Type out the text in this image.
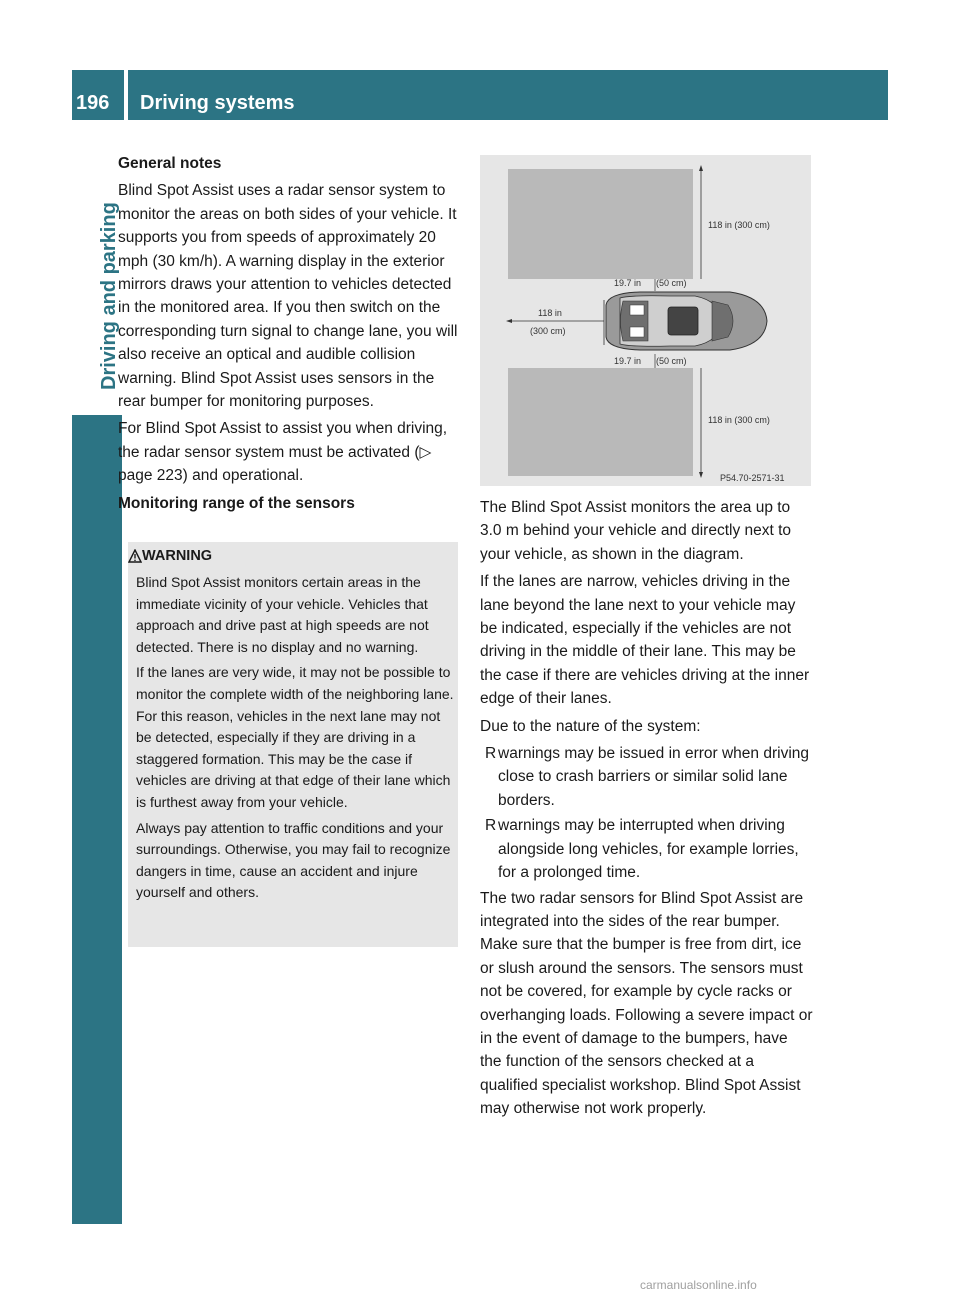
196 Driving systems
Driving and parking

General notes

Blind Spot Assist uses a radar sensor system to monitor the areas on both sides of your vehicle. It supports you from speeds of approximately 20 mph (30 km/h). A warning display in the exterior mirrors draws your attention to vehicles detected in the monitored area. If you then switch on the corresponding turn signal to change lane, you will also receive an optical and audible collision warning. Blind Spot Assist uses sensors in the rear bumper for monitoring purposes.

For Blind Spot Assist to assist you when driving, the radar sensor system must be activated (▷ page 223) and operational.

Monitoring range of the sensors

WARNING

Blind Spot Assist monitors certain areas in the immediate vicinity of your vehicle. Vehicles that approach and drive past at high speeds are not detected. There is no display and no warning.

If the lanes are very wide, it may not be possible to monitor the complete width of the neighboring lane. For this reason, vehicles in the next lane may not be detected, especially if they are driving in a staggered formation. This may be the case if vehicles are driving at that edge of their lane which is furthest away from your vehicle.

Always pay attention to traffic conditions and your surroundings. Otherwise, you may fail to recognize dangers in time, cause an accident and injure yourself and others.

118 in (300 cm)
118 in (300 cm)
19.7 in (50 cm)
19.7 in (50 cm)
118 in
(300 cm)
P54.70-2571-31

The Blind Spot Assist monitors the area up to 3.0 m behind your vehicle and directly next to your vehicle, as shown in the diagram.

If the lanes are narrow, vehicles driving in the lane beyond the lane next to your vehicle may be indicated, especially if the vehicles are not driving in the middle of their lane. This may be the case if there are vehicles driving at the inner edge of their lanes.

Due to the nature of the system:

R warnings may be issued in error when driving close to crash barriers or similar solid lane borders.
R warnings may be interrupted when driving alongside long vehicles, for example lorries, for a prolonged time.

The two radar sensors for Blind Spot Assist are integrated into the sides of the rear bumper. Make sure that the bumper is free from dirt, ice or slush around the sensors. The sensors must not be covered, for example by cycle racks or overhanging loads. Following a severe impact or in the event of damage to the bumpers, have the function of the sensors checked at a qualified specialist workshop. Blind Spot Assist may otherwise not work properly.

carmanualsonline.info
